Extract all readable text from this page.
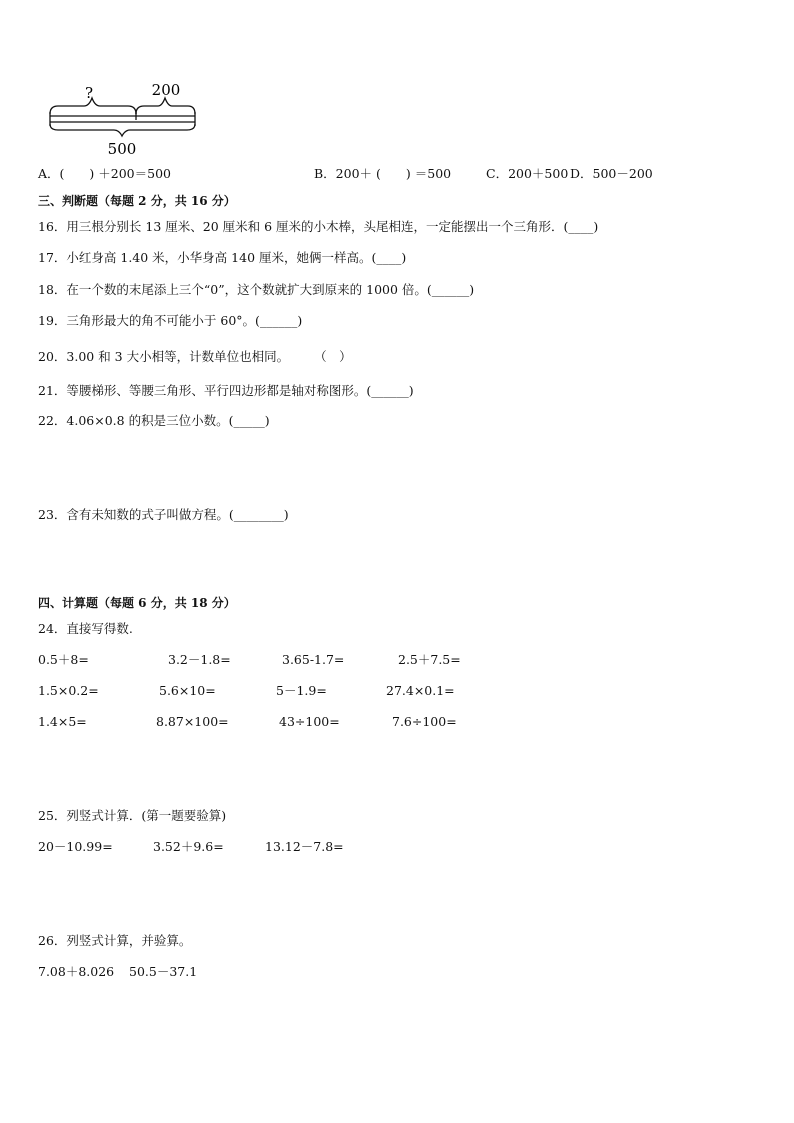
?	200
500
A．(　　) ＋200＝500	B．200＋ (　　) ＝500	C．200＋500 D．500－200
三、判断题（每题 2 分，共 16 分）
16．用三根分别长 13 厘米、20 厘米和 6 厘米的小木棒，头尾相连，一定能摆出一个三角形．(____)
17．小红身高 1.40 米，小华身高 140 厘米，她俩一样高。(____)
18．在一个数的末尾添上三个“0”，这个数就扩大到原来的 1000 倍。(______)
19．三角形最大的角不可能小于 60°。(______)
20．3.00 和 3 大小相等，计数单位也相同。　　　（　）
21．等腰梯形、等腰三角形、平行四边形都是轴对称图形。(______)
22．4.06×0.8 的积是三位小数。(_____)
23．含有未知数的式子叫做方程。(________)
四、计算题（每题 6 分，共 18 分）
24．直接写得数.
0.5＋8=	3.2－1.8=	3.65-1.7=	2.5＋7.5=
1.5×0.2=	5.6×10=	5－1.9=	27.4×0.1=
1.4×5=	8.87×100=	43÷100=	7.6÷100=
25．列竖式计算．(第一题要验算)
20－10.99=	3.52＋9.6=	13.12－7.8=
26．列竖式计算，并验算。
7.08＋8.026 50.5－37.1
